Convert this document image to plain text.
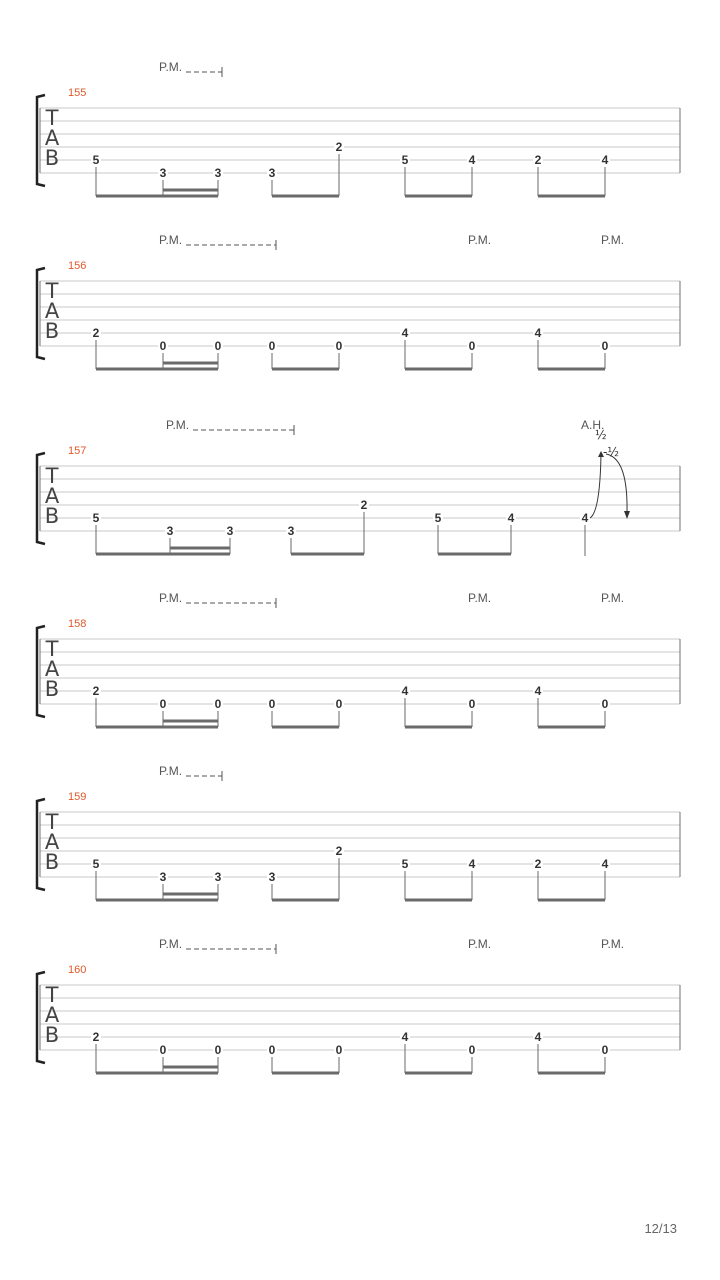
T
A
B
155
5
3	3	3
2
5	4	2	4
P.M.
T
A
B
156
2
0	0	0	0
4
0
4
0
P.M.	P.M.	P.M.
T
A
B
157
5
3	3	3
2
5	4	4
P.M.	A.H.
½
-½
T
A
B
158
2
0	0	0	0
4
0
4
0
P.M.	P.M.	P.M.
T
A
B
159
5
3	3	3
2
5	4	2	4
P.M.
T
A
B
160
2
0	0	0	0
4
0
4
0
P.M.	P.M.	P.M.
12/13
